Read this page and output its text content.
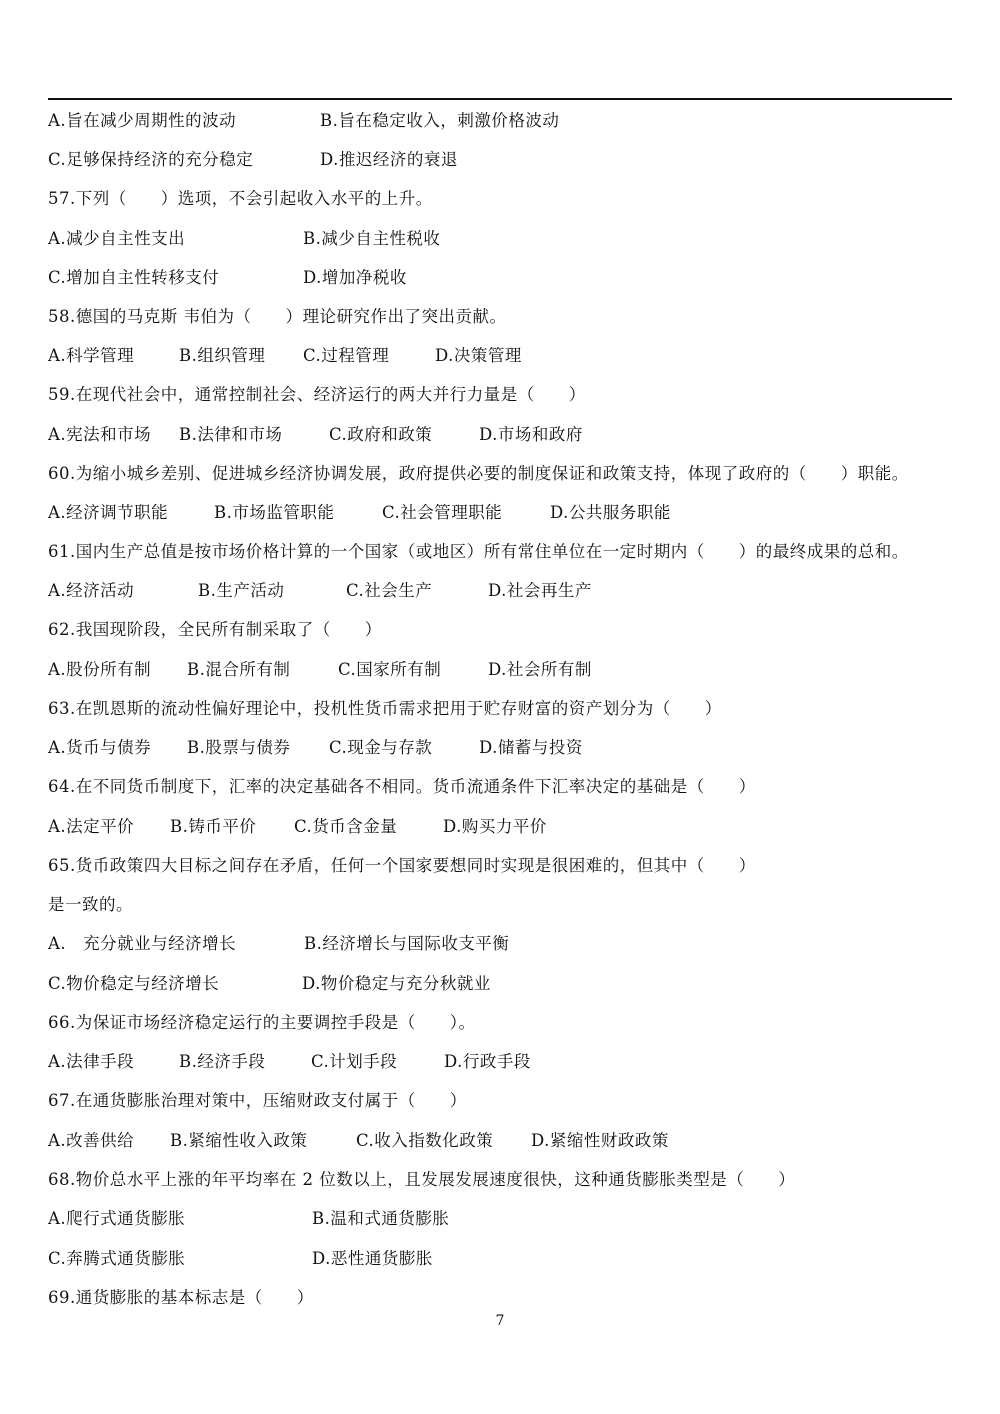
A.旨在减少周期性的波动	B.旨在稳定收入，刺激价格波动
C.足够保持经济的充分稳定	D.推迟经济的衰退
57.下列（　　）选项，不会引起收入水平的上升。
A.减少自主性支出	B.减少自主性税收
C.增加自主性转移支付	D.增加净税收
58.德国的马克斯 韦伯为（　　）理论研究作出了突出贡献。
A.科学管理	B.组织管理 C.过程管理	D.决策管理
59.在现代社会中，通常控制社会、经济运行的两大并行力量是（　　）
A.宪法和市场 B.法律和市场	C.政府和政策	D.市场和政府
60.为缩小城乡差别、促进城乡经济协调发展，政府提供必要的制度保证和政策支持，体现了政府的（　　）职能。
A.经济调节职能	B.市场监管职能	C.社会管理职能	D.公共服务职能
61.国内生产总值是按市场价格计算的一个国家（或地区）所有常住单位在一定时期内（　　）的最终成果的总和。
A.经济活动	B.生产活动	C.社会生产	D.社会再生产
62.我国现阶段，全民所有制采取了（　　）
A.股份所有制 B.混合所有制	C.国家所有制	D.社会所有制
63.在凯恩斯的流动性偏好理论中，投机性货币需求把用于贮存财富的资产划分为（　　）
A.货币与债券 B.股票与债券 C.现金与存款	D.储蓄与投资
64.在不同货币制度下，汇率的决定基础各不相同。货币流通条件下汇率决定的基础是（　　）
A.法定平价 B.铸币平价 C.货币含金量	D.购买力平价
65.货币政策四大目标之间存在矛盾，任何一个国家要想同时实现是很困难的，但其中（　　）
是一致的。
A.　充分就业与经济增长	B.经济增长与国际收支平衡
C.物价稳定与经济增长	D.物价稳定与充分秋就业
66.为保证市场经济稳定运行的主要调控手段是（　　）。
A.法律手段	B.经济手段	C.计划手段	D.行政手段
67.在通货膨胀治理对策中，压缩财政支付属于（　　）
A.改善供给 B.紧缩性收入政策	C.收入指数化政策 D.紧缩性财政政策
68.物价总水平上涨的年平均率在 2 位数以上，且发展发展速度很快，这种通货膨胀类型是（　　）
A.爬行式通货膨胀	B.温和式通货膨胀
C.奔腾式通货膨胀	D.恶性通货膨胀
69.通货膨胀的基本标志是（　　）
7
